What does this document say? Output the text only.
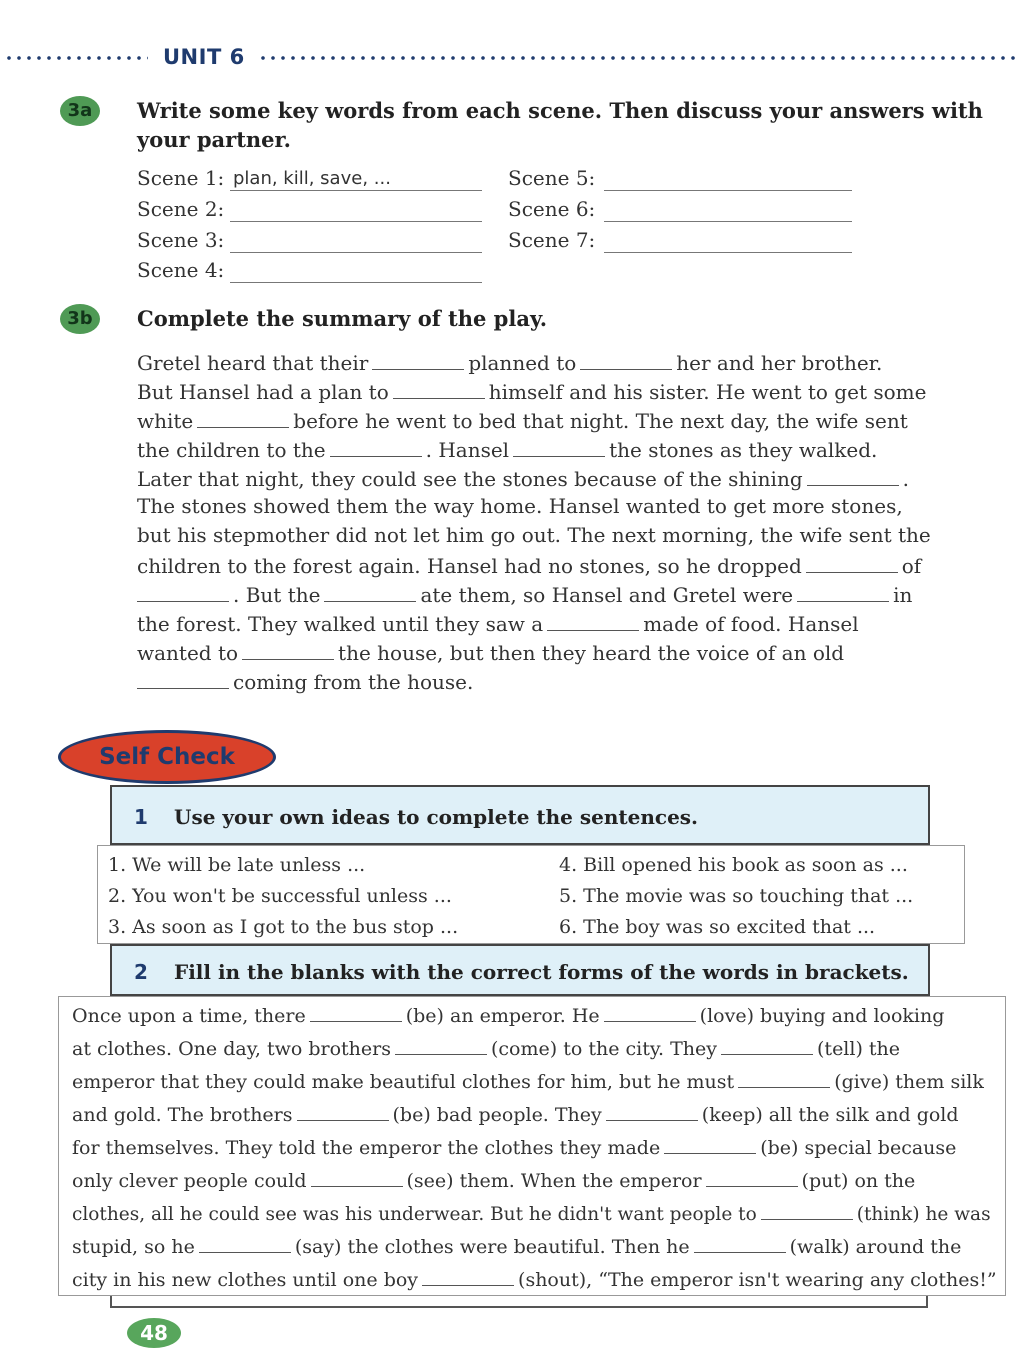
UNIT 6
3a	Write some key words from each scene. Then discuss your answers with
your partner.
Scene 1: plan, kill, save, ...
Scene 2:
Scene 3:
Scene 4:
Scene 5:
Scene 6:
Scene 7:
3b	Complete the summary of the play.
Gretel heard that their	planned to	her and her brother.
But Hansel had a plan to	himself and his sister. He went to get some
white	before he went to bed that night. The next day, the wife sent
the children to the	. Hansel	the stones as they walked.
Later that night, they could see the stones because of the shining	.
The stones showed them the way home. Hansel wanted to get more stones,
but his stepmother did not let him go out. The next morning, the wife sent the
children to the forest again. Hansel had no stones, so he dropped	of
. But the	ate them, so Hansel and Gretel were	in
the forest. They walked until they saw a	made of food. Hansel
wanted to	the house, but then they heard the voice of an old
coming from the house.
Self Check
1 Use your own ideas to complete the sentences.
1. We will be late unless ...
2. You won't be successful unless ...
3. As soon as I got to the bus stop ...
4. Bill opened his book as soon as ...
5. The movie was so touching that ...
6. The boy was so excited that ...
2 Fill in the blanks with the correct forms of the words in brackets.
Once upon a time, there	(be) an emperor. He	(love) buying and looking
at clothes. One day, two brothers	(come) to the city. They	(tell) the
emperor that they could make beautiful clothes for him, but he must	(give) them silk
and gold. The brothers	(be) bad people. They	(keep) all the silk and gold
for themselves. They told the emperor the clothes they made	(be) special because
only clever people could	(see) them. When the emperor	(put) on the
clothes, all he could see was his underwear. But he didn't want people to	(think) he was
stupid, so he	(say) the clothes were beautiful. Then he	(walk) around the
city in his new clothes until one boy	(shout), “The emperor isn't wearing any clothes!”
48
